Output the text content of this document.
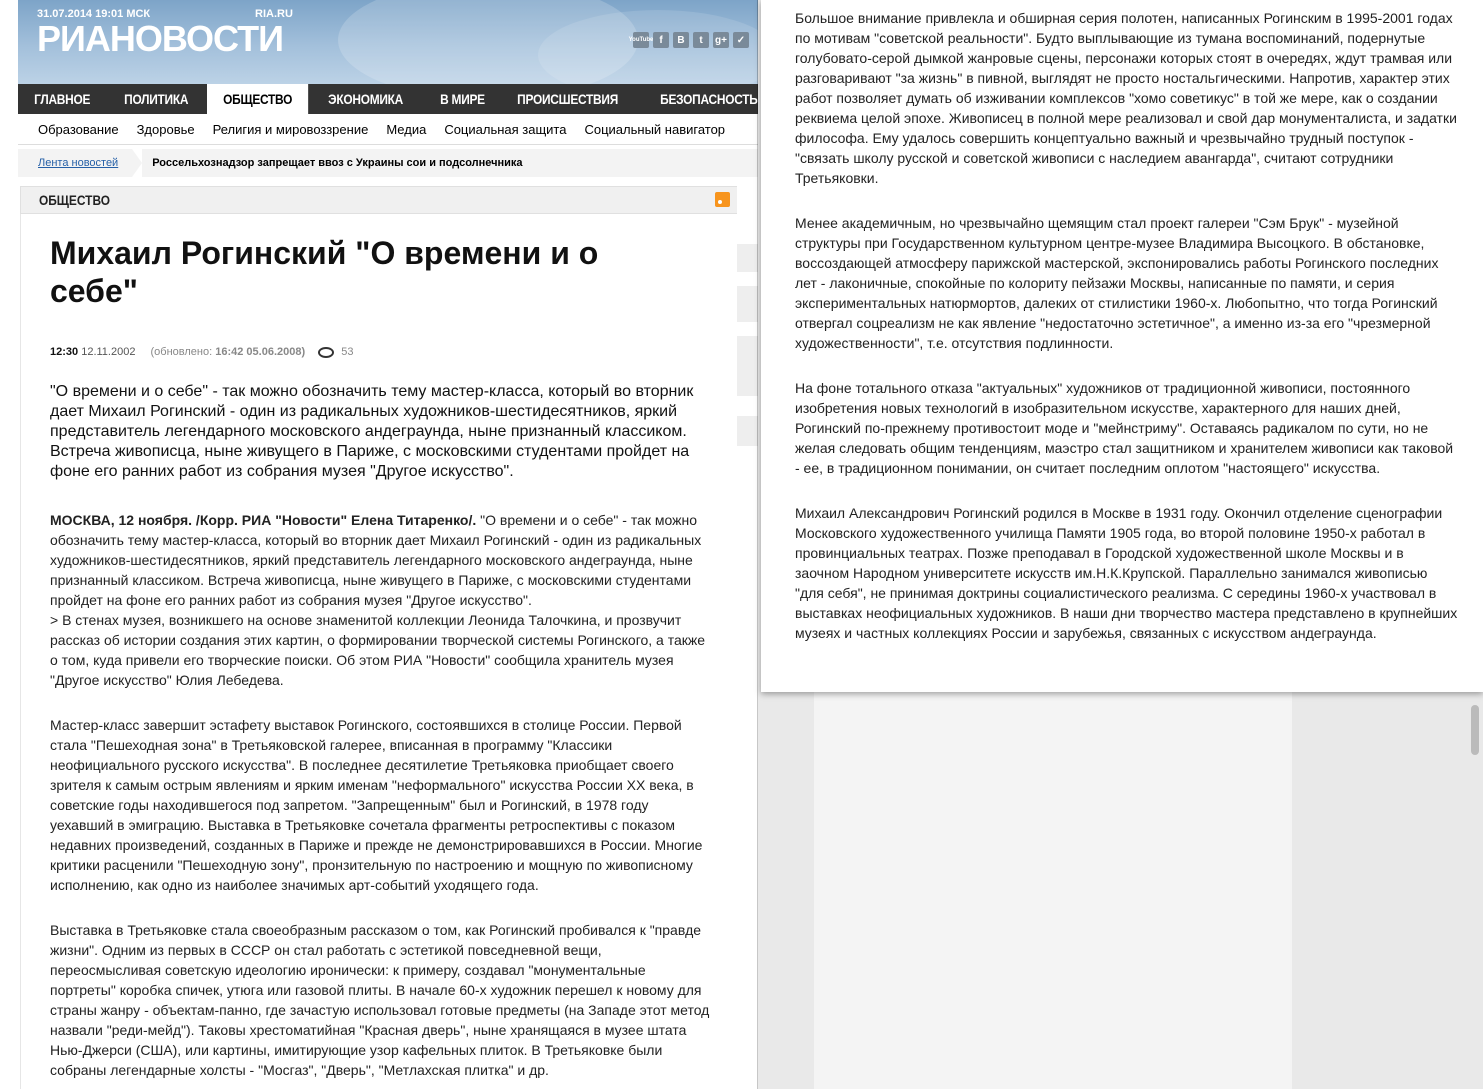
31.07.2014 19:01 МСК	RIA.RU
РИАНОВОСТИ	YouTube f	В	t	g+ ✓
ГЛАВНОЕ	ПОЛИТИКА	ОБЩЕСТВО	ЭКОНОМИКА	В МИРЕ	ПРОИСШЕСТВИЯ	БЕЗОПАСНОСТЬ
Образование	Здоровье	Религия и мировоззрение	Медиа	Социальная защита	Социальный навигатор
Лента новостей	Россельхознадзор запрещает ввоз с Украины сои и подсолнечника
ОБЩЕСТВО
Михаил Рогинский "О времени и о себе"
12:30 12.11.2002 (обновлено: 16:42 05.06.2008)	53
"О времени и о себе" - так можно обозначить тему мастер-класса, который во вторник дает Михаил Рогинский - один из радикальных художников-шестидесятников, яркий представитель легендарного московского андеграунда, ныне признанный классиком. Встреча живописца, ныне живущего в Париже, с московскими студентами пройдет на фоне его ранних работ из собрания музея "Другое искусство".
МОСКВА, 12 ноября. /Корр. РИА "Новости" Елена Титаренко/. "О времени и о себе" - так можно обозначить тему мастер-класса, который во вторник дает Михаил Рогинский - один из радикальных художников-шестидесятников, яркий представитель легендарного московского андеграунда, ныне признанный классиком. Встреча живописца, ныне живущего в Париже, с московскими студентами пройдет на фоне его ранних работ из собрания музея "Другое искусство".
> В стенах музея, возникшего на основе знаменитой коллекции Леонида Талочкина, и прозвучит рассказ об истории создания этих картин, о формировании творческой системы Рогинского, а также о том, куда привели его творческие поиски. Об этом РИА "Новости" сообщила хранитель музея "Другое искусство" Юлия Лебедева.
Мастер-класс завершит эстафету выставок Рогинского, состоявшихся в столице России. Первой стала "Пешеходная зона" в Третьяковской галерее, вписанная в программу "Классики неофициального русского искусства". В последнее десятилетие Третьяковка приобщает своего зрителя к самым острым явлениям и ярким именам "неформального" искусства России XX века, в советские годы находившегося под запретом. "Запрещенным" был и Рогинский, в 1978 году уехавший в эмиграцию. Выставка в Третьяковке сочетала фрагменты ретроспективы с показом недавних произведений, созданных в Париже и прежде не демонстрировавшихся в России. Многие критики расценили "Пешеходную зону", пронзительную по настроению и мощную по живописному исполнению, как одно из наиболее значимых арт-событий уходящего года.
Выставка в Третьяковке стала своеобразным рассказом о том, как Рогинский пробивался к "правде жизни". Одним из первых в СССР он стал работать с эстетикой повседневной вещи, переосмысливая советскую идеологию иронически: к примеру, создавал "монументальные портреты" коробка спичек, утюга или газовой плиты. В начале 60-х художник перешел к новому для страны жанру - объектам-панно, где зачастую использовал готовые предметы (на Западе этот метод назвали "реди-мейд"). Таковы хрестоматийная "Красная дверь", ныне хранящаяся в музее штата Нью-Джерси (США), или картины, имитирующие узор кафельных плиток. В Третьяковке были собраны легендарные холсты - "Мосгаз", "Дверь", "Метлахская плитка" и др.
Большое внимание привлекла и обширная серия полотен, написанных Рогинским в 1995-2001 годах по мотивам "советской реальности". Будто выплывающие из тумана воспоминаний, подернутые голубовато-серой дымкой жанровые сцены, персонажи которых стоят в очередях, ждут трамвая или разговаривают "за жизнь" в пивной, выглядят не просто ностальгическими. Напротив, характер этих работ позволяет думать об изживании комплексов "хомо советикус" в той же мере, как о создании реквиема целой эпохе. Живописец в полной мере реализовал и свой дар монументалиста, и задатки философа. Ему удалось совершить концептуально важный и чрезвычайно трудный поступок - "связать школу русской и советской живописи с наследием авангарда", считают сотрудники Третьяковки.
Менее академичным, но чрезвычайно щемящим стал проект галереи "Сэм Брук" - музейной структуры при Государственном культурном центре-музее Владимира Высоцкого. В обстановке, воссоздающей атмосферу парижской мастерской, экспонировались работы Рогинского последних лет - лаконичные, спокойные по колориту пейзажи Москвы, написанные по памяти, и серия экспериментальных натюрмортов, далеких от стилистики 1960-х. Любопытно, что тогда Рогинский отвергал соцреализм не как явление "недостаточно эстетичное", а именно из-за его "чрезмерной художественности", т.е. отсутствия подлинности.
На фоне тотального отказа "актуальных" художников от традиционной живописи, постоянного изобретения новых технологий в изобразительном искусстве, характерного для наших дней, Рогинский по-прежнему противостоит моде и "мейнстриму". Оставаясь радикалом по сути, но не желая следовать общим тенденциям, маэстро стал защитником и хранителем живописи как таковой - ее, в традиционном понимании, он считает последним оплотом "настоящего" искусства.
Михаил Александрович Рогинский родился в Москве в 1931 году. Окончил отделение сценографии Московского художественного училища Памяти 1905 года, во второй половине 1950-х работал в провинциальных театрах. Позже преподавал в Городской художественной школе Москвы и в заочном Народном университете искусств им.Н.К.Крупской. Параллельно занимался живописью "для себя", не принимая доктрины социалистического реализма. С середины 1960-х участвовал в выставках неофициальных художников. В наши дни творчество мастера представлено в крупнейших музеях и частных коллекциях России и зарубежья, связанных с искусством андеграунда.
